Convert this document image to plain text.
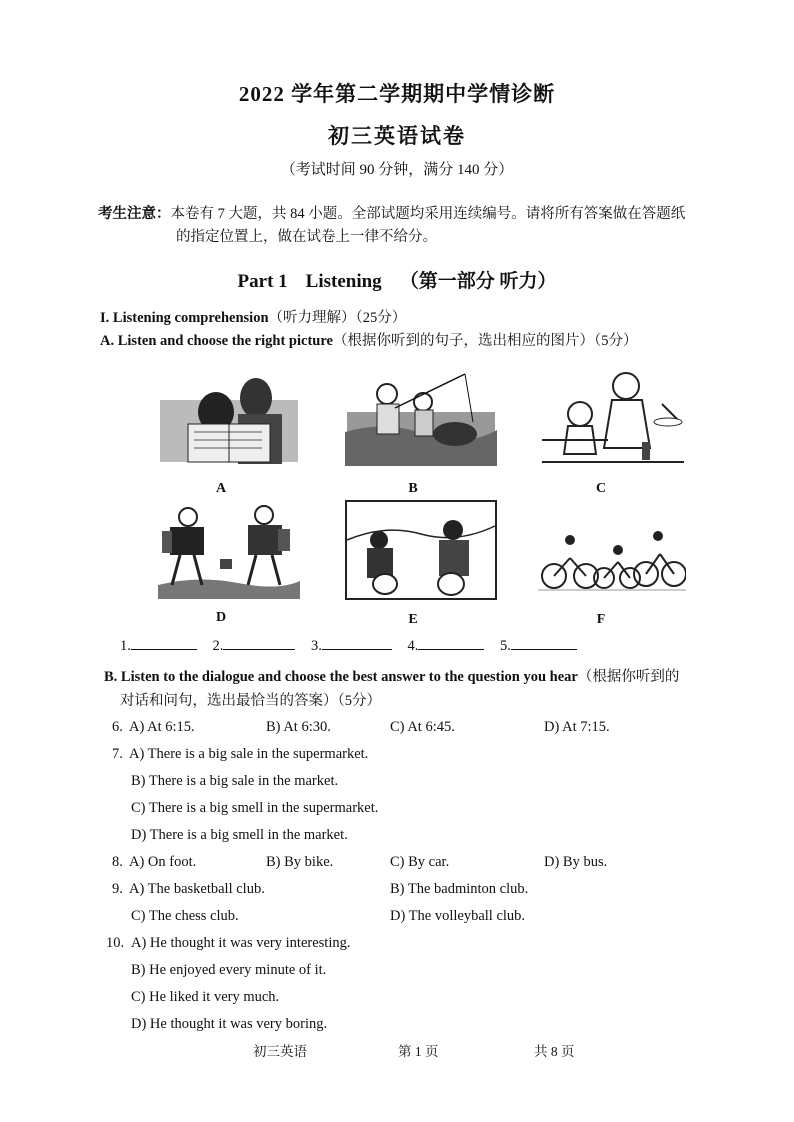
2022 学年第二学期期中学情诊断
初三英语试卷
（考试时间 90 分钟，满分 140 分）
考生注意：本卷有 7 大题，共 84 小题。全部试题均采用连续编号。请将所有答案做在答题纸
的指定位置上，做在试卷上一律不给分。
Part 1 Listening （第一部分 听力）
I. Listening comprehension（听力理解）（25分）
A. Listen and choose the right picture（根据你听到的句子，选出相应的图片）（5分）
A	B	C
D	E	F
1.	2.	3.	4.	5.
B. Listen to the dialogue and choose the best answer to the question you hear（根据你听到的
对话和问句，选出最恰当的答案）（5分）
6. A) At 6:15.	B) At 6:30.	C) At 6:45.	D) At 7:15.
7. A) There is a big sale in the supermarket.
B) There is a big sale in the market.
C) There is a big smell in the supermarket.
D) There is a big smell in the market.
8. A) On foot.	B) By bike.	C) By car.	D) By bus.
9. A) The basketball club.	B) The badminton club.
C) The chess club.	D) The volleyball club.
10. A) He thought it was very interesting.
B) He enjoyed every minute of it.
C) He liked it very much.
D) He thought it was very boring.
初三英语	第 1 页	共 8 页
